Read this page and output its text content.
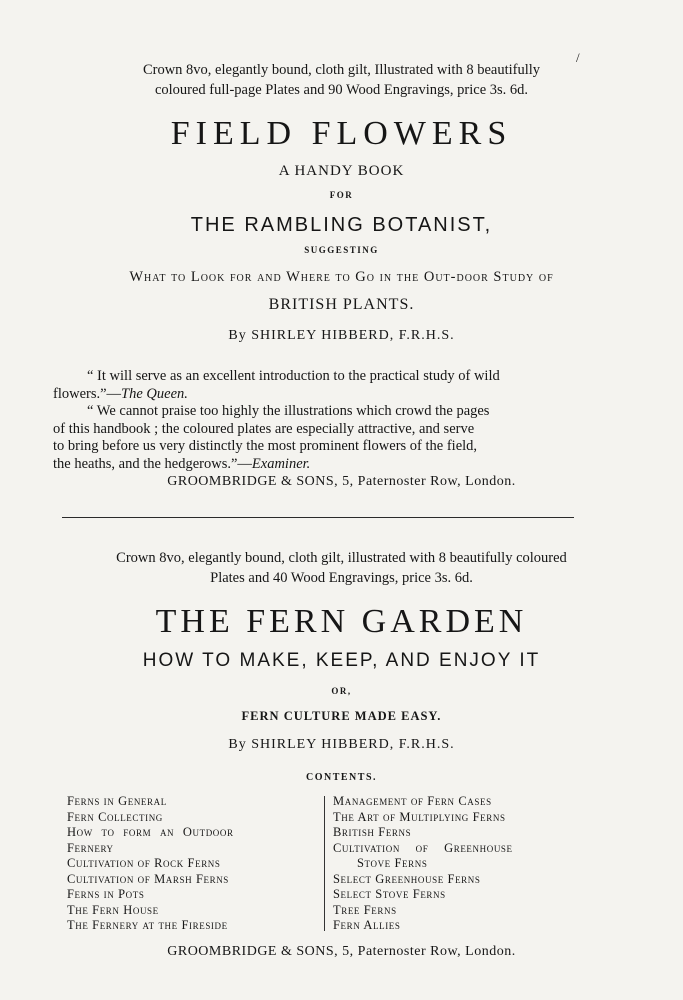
/

Crown 8vo, elegantly bound, cloth gilt, Illustrated with 8 beautifully

coloured full-page Plates and 90 Wood Engravings, price 3s. 6d.

FIELD FLOWERS

A HANDY BOOK

FOR

THE RAMBLING BOTANIST,

SUGGESTING

What to Look for and Where to Go in the Out-door Study of

BRITISH PLANTS.

By SHIRLEY HIBBERD, F.R.H.S.

“ It will serve as an excellent introduction to the practical study of wild

flowers.”—The Queen.

“ We cannot praise too highly the illustrations which crowd the pages

of this handbook ; the coloured plates are especially attractive, and serve

to bring before us very distinctly the most prominent flowers of the field,

the heaths, and the hedgerows.”—Examiner.

GROOMBRIDGE & SONS, 5, Paternoster Row, London.

Crown 8vo, elegantly bound, cloth gilt, illustrated with 8 beautifully coloured

Plates and 40 Wood Engravings, price 3s. 6d.

THE FERN GARDEN

HOW TO MAKE, KEEP, AND ENJOY IT

OR,

FERN CULTURE MADE EASY.

By SHIRLEY HIBBERD, F.R.H.S.

CONTENTS.

Ferns in General
Fern Collecting
How to form an Outdoor
Fernery
Cultivation of Rock Ferns
Cultivation of Marsh Ferns
Ferns in Pots
The Fern House
The Fernery at the Fireside
Management of Fern Cases
The Art of Multiplying Ferns
British Ferns
Cultivation of Greenhouse
Stove Ferns
Select Greenhouse Ferns
Select Stove Ferns
Tree Ferns
Fern Allies

GROOMBRIDGE & SONS, 5, Paternoster Row, London.
